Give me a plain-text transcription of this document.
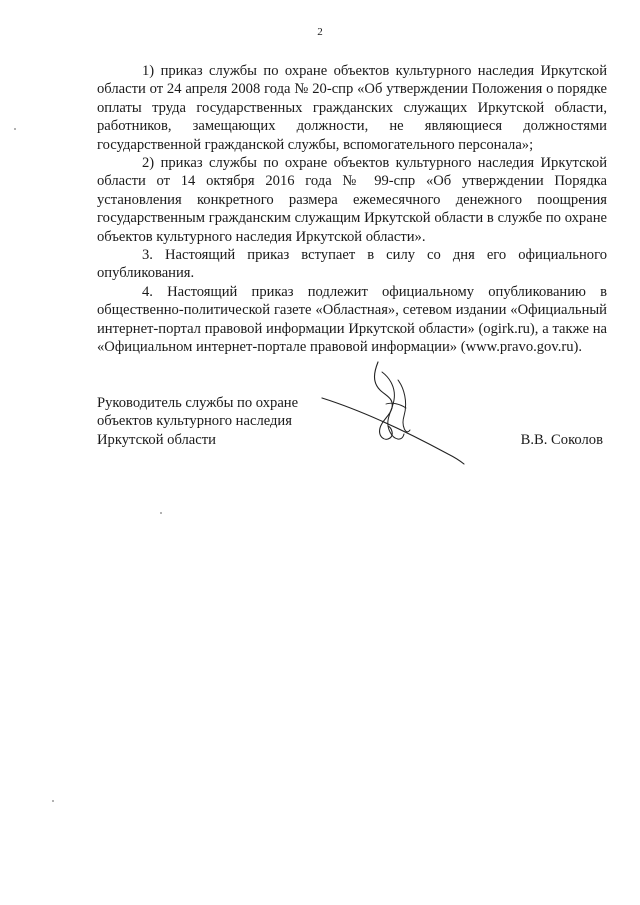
2

1) приказ службы по охране объектов культурного наследия Иркутской области от 24 апреля 2008 года № 20-спр «Об утверждении Положения о порядке оплаты труда государственных гражданских служащих Иркутской области, работников, замещающих должности, не являющиеся должностями государственной гражданской службы, вспомогательного персонала»;

2) приказ службы по охране объектов культурного наследия Иркутской области от 14 октября 2016 года № 99-спр «Об утверждении Порядка установления конкретного размера ежемесячного денежного поощрения государственным гражданским служащим Иркутской области в службе по охране объектов культурного наследия Иркутской области».

3. Настоящий приказ вступает в силу со дня его официального опубликования.

4. Настоящий приказ подлежит официальному опубликованию в общественно-политической газете «Областная», сетевом издании «Официальный интернет-портал правовой информации Иркутской области» (ogirk.ru), а также на «Официальном интернет-портале правовой информации» (www.pravo.gov.ru).

Руководитель службы по охране

объектов культурного наследия

Иркутской области	В.В. Соколов
